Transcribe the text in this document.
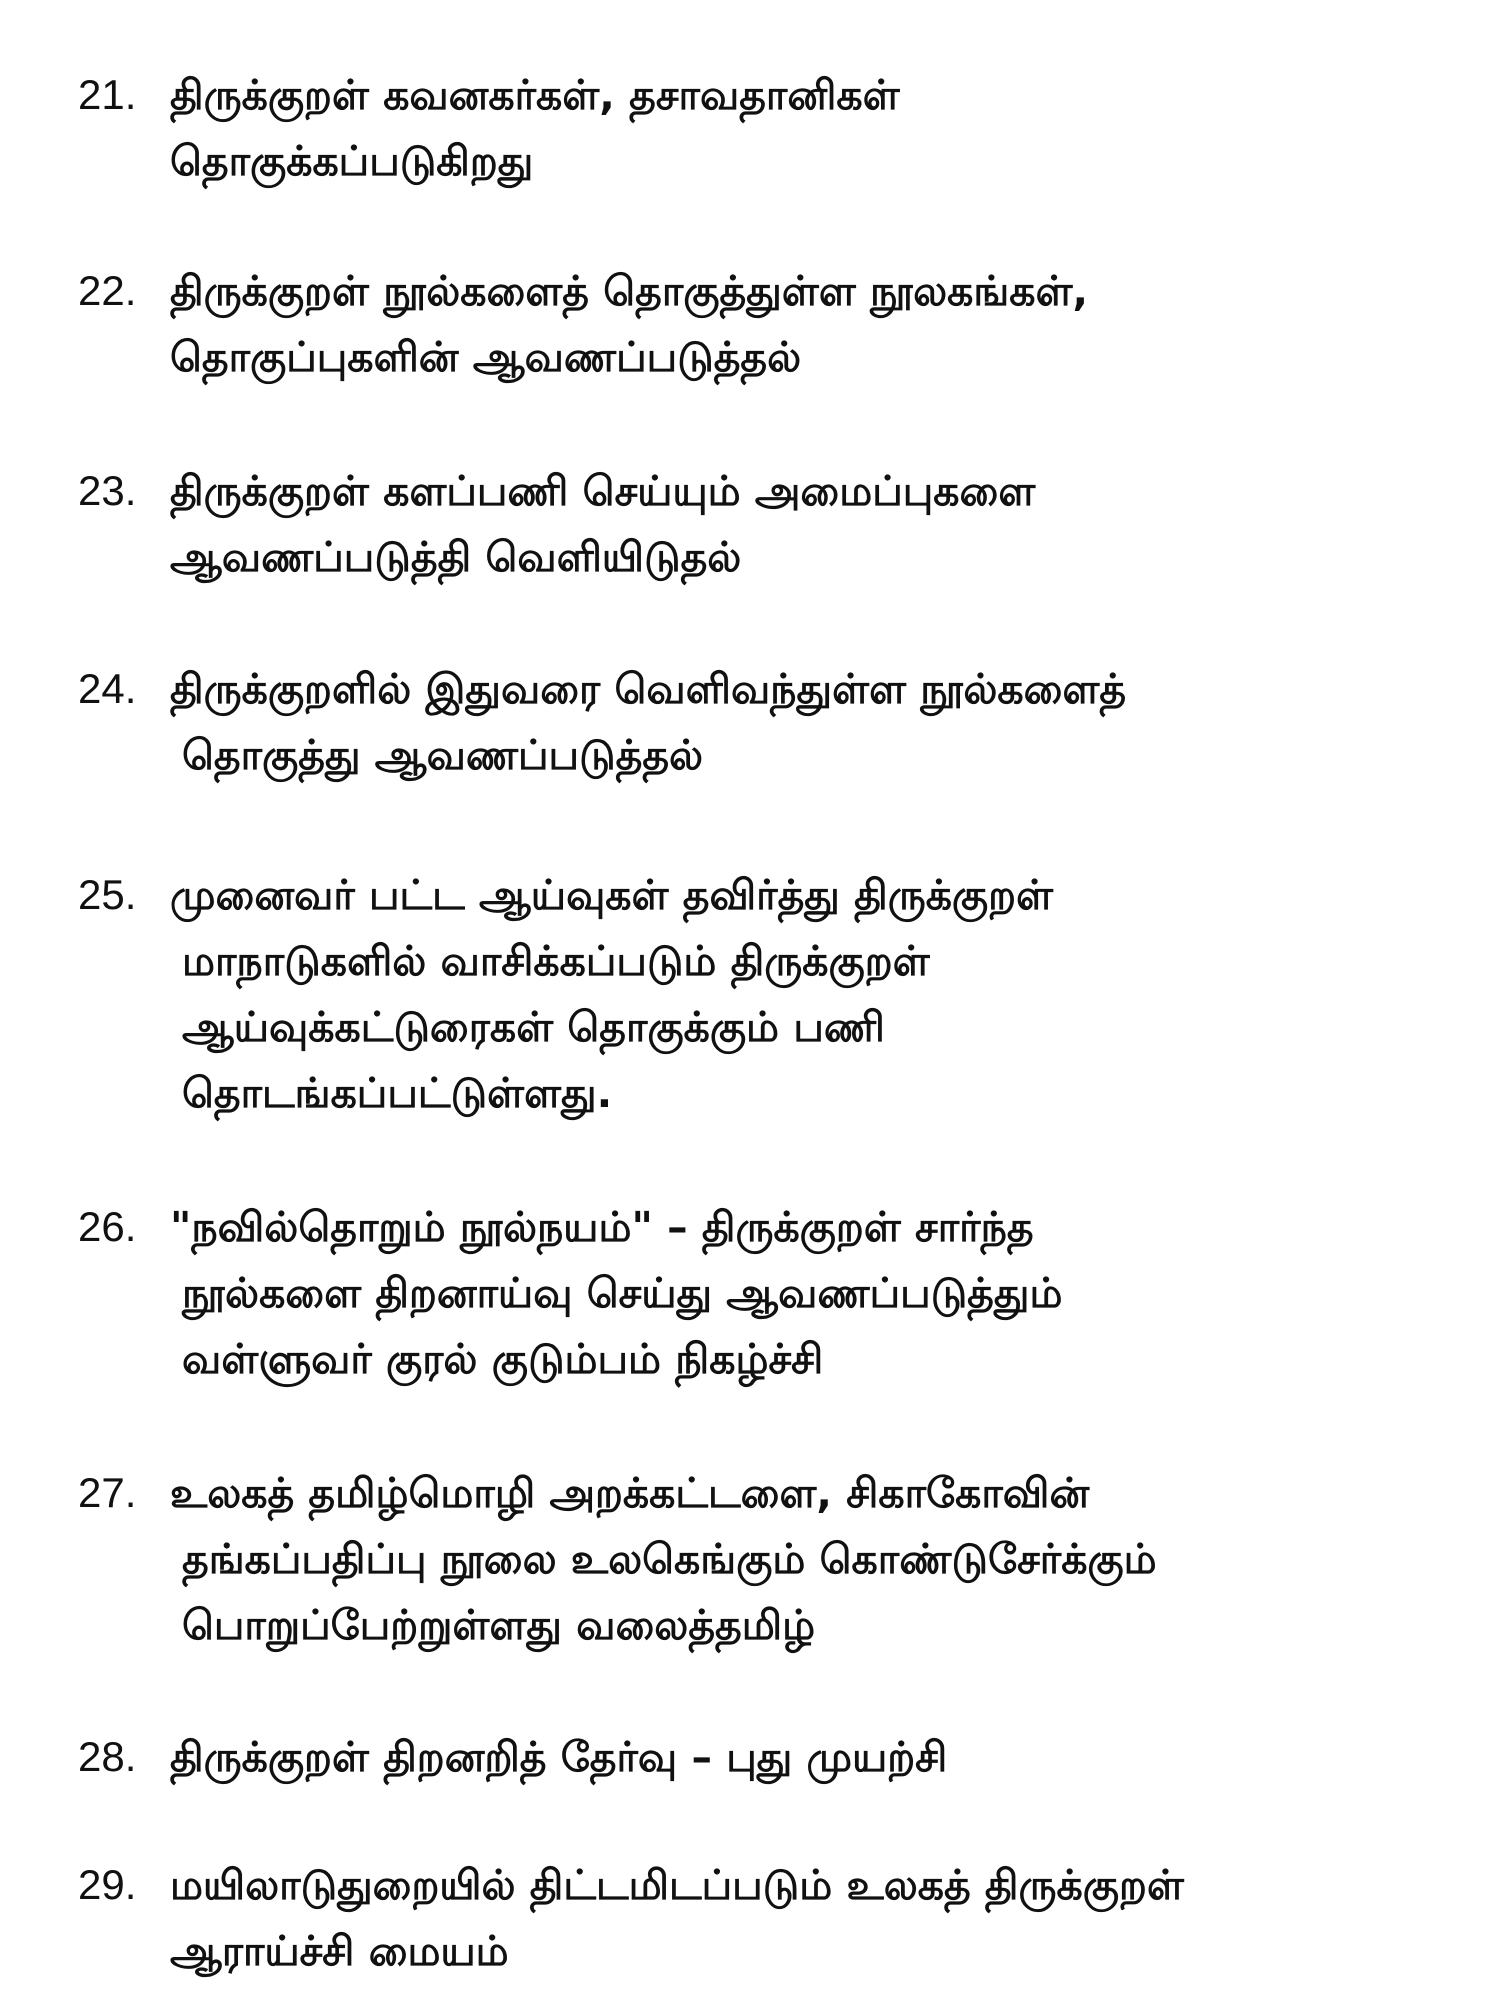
21. திருக்குறள் கவனகர்கள், தசாவதானிகள்
தொகுக்கப்படுகிறது
22. திருக்குறள் நூல்களைத் தொகுத்துள்ள நூலகங்கள்,
தொகுப்புகளின் ஆவணப்படுத்தல்
23. திருக்குறள் களப்பணி செய்யும் அமைப்புகளை
ஆவணப்படுத்தி வெளியிடுதல்
24. திருக்குறளில் இதுவரை வெளிவந்துள்ள நூல்களைத்
தொகுத்து ஆவணப்படுத்தல்
25. முனைவர் பட்ட ஆய்வுகள் தவிர்த்து திருக்குறள்
மாநாடுகளில் வாசிக்கப்படும் திருக்குறள்
ஆய்வுக்கட்டுரைகள் தொகுக்கும் பணி
தொடங்கப்பட்டுள்ளது.
26. "நவில்தொறும் நூல்நயம்" – திருக்குறள் சார்ந்த
நூல்களை திறனாய்வு செய்து ஆவணப்படுத்தும்
வள்ளுவர் குரல் குடும்பம் நிகழ்ச்சி
27. உலகத் தமிழ்மொழி அறக்கட்டளை, சிகாகோவின்
தங்கப்பதிப்பு நூலை உலகெங்கும் கொண்டுசேர்க்கும்
பொறுப்பேற்றுள்ளது வலைத்தமிழ்
28. திருக்குறள் திறனறித் தேர்வு – புது முயற்சி
29. மயிலாடுதுறையில் திட்டமிடப்படும் உலகத் திருக்குறள்
ஆராய்ச்சி மையம்
